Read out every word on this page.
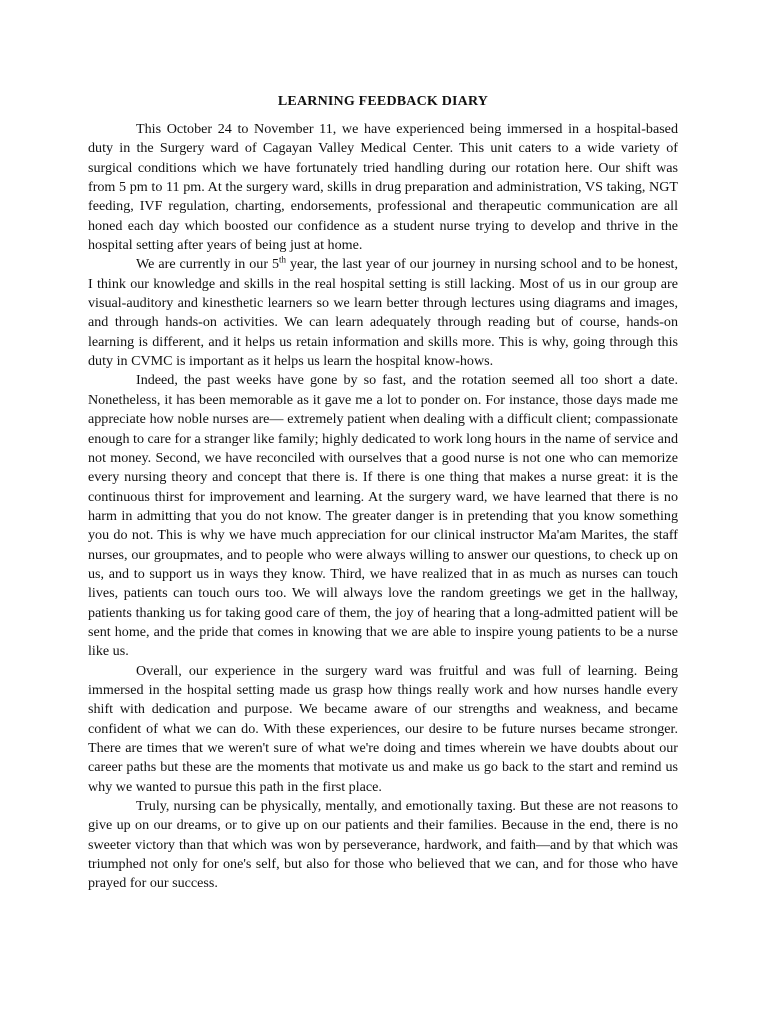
LEARNING FEEDBACK DIARY

This October 24 to November 11, we have experienced being immersed in a hospital-based duty in the Surgery ward of Cagayan Valley Medical Center. This unit caters to a wide variety of surgical conditions which we have fortunately tried handling during our rotation here. Our shift was from 5 pm to 11 pm. At the surgery ward, skills in drug preparation and administration, VS taking, NGT feeding, IVF regulation, charting, endorsements, professional and therapeutic communication are all honed each day which boosted our confidence as a student nurse trying to develop and thrive in the hospital setting after years of being just at home.

We are currently in our 5th year, the last year of our journey in nursing school and to be honest, I think our knowledge and skills in the real hospital setting is still lacking. Most of us in our group are visual-auditory and kinesthetic learners so we learn better through lectures using diagrams and images, and through hands-on activities. We can learn adequately through reading but of course, hands-on learning is different, and it helps us retain information and skills more. This is why, going through this duty in CVMC is important as it helps us learn the hospital know-hows.

Indeed, the past weeks have gone by so fast, and the rotation seemed all too short a date. Nonetheless, it has been memorable as it gave me a lot to ponder on. For instance, those days made me appreciate how noble nurses are— extremely patient when dealing with a difficult client; compassionate enough to care for a stranger like family; highly dedicated to work long hours in the name of service and not money. Second, we have reconciled with ourselves that a good nurse is not one who can memorize every nursing theory and concept that there is. If there is one thing that makes a nurse great: it is the continuous thirst for improvement and learning. At the surgery ward, we have learned that there is no harm in admitting that you do not know. The greater danger is in pretending that you know something you do not. This is why we have much appreciation for our clinical instructor Ma'am Marites, the staff nurses, our groupmates, and to people who were always willing to answer our questions, to check up on us, and to support us in ways they know. Third, we have realized that in as much as nurses can touch lives, patients can touch ours too. We will always love the random greetings we get in the hallway, patients thanking us for taking good care of them, the joy of hearing that a long-admitted patient will be sent home, and the pride that comes in knowing that we are able to inspire young patients to be a nurse like us.

Overall, our experience in the surgery ward was fruitful and was full of learning. Being immersed in the hospital setting made us grasp how things really work and how nurses handle every shift with dedication and purpose. We became aware of our strengths and weakness, and became confident of what we can do. With these experiences, our desire to be future nurses became stronger. There are times that we weren't sure of what we're doing and times wherein we have doubts about our career paths but these are the moments that motivate us and make us go back to the start and remind us why we wanted to pursue this path in the first place.

Truly, nursing can be physically, mentally, and emotionally taxing. But these are not reasons to give up on our dreams, or to give up on our patients and their families. Because in the end, there is no sweeter victory than that which was won by perseverance, hardwork, and faith—and by that which was triumphed not only for one's self, but also for those who believed that we can, and for those who have prayed for our success.
